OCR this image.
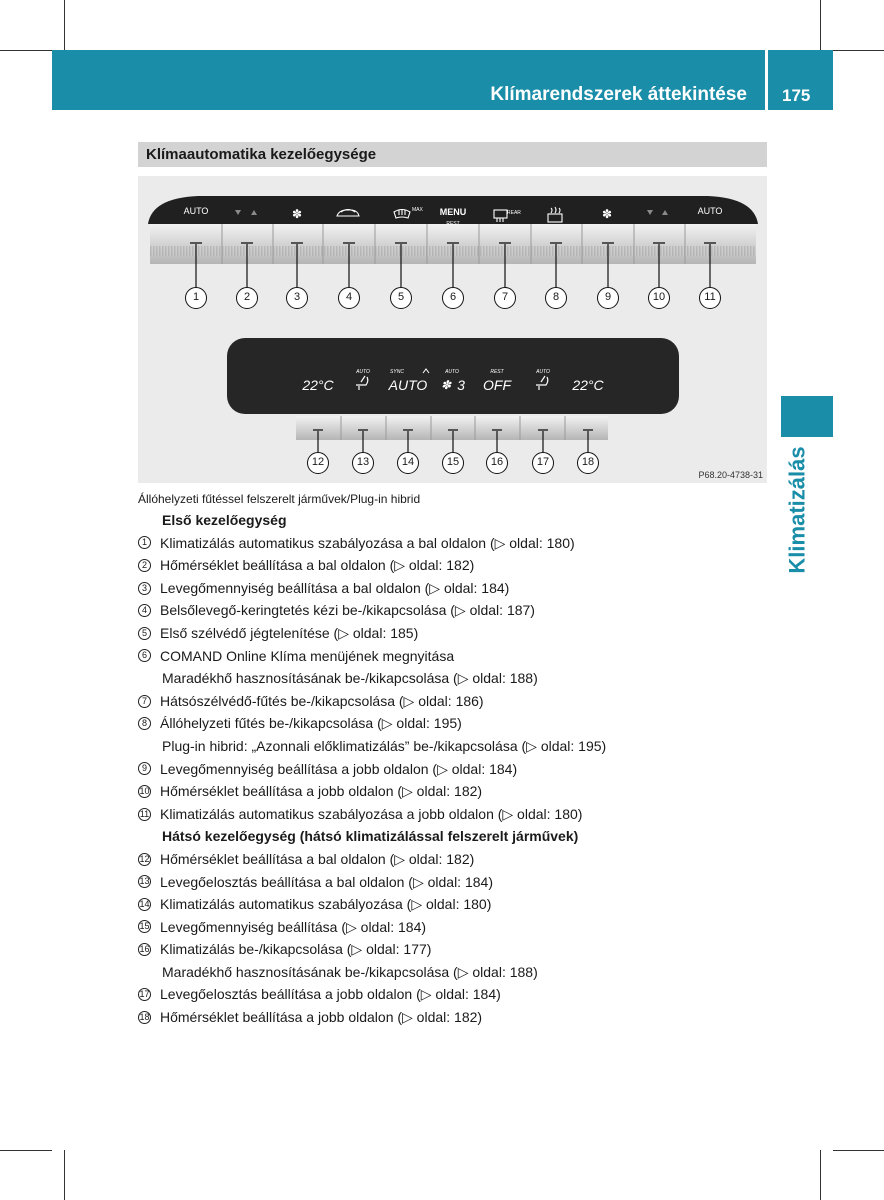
Klímarendszerek áttekintése 175
Klimatizálás
Klímaautomatika kezelőegysége
AUTO	✽	MAX MENU
REST
REAR	✽	AUTO
AUTO	SYNC	AUTO	REST	AUTO
22°C	AUTO ✽ 3 OFF	22°C
1	2	3	4	5	6	7	8	9	10	11
12	13	14	15	16	17	18
P68.20-4738-31
Állóhelyzeti fűtéssel felszerelt járművek/Plug-in hibrid
Első kezelőegység
1 Klimatizálás automatikus szabályozása a bal oldalon (▷ oldal: 180)
2 Hőmérséklet beállítása a bal oldalon (▷ oldal: 182)
3 Levegőmennyiség beállítása a bal oldalon (▷ oldal: 184)
4 Belsőlevegő-keringtetés kézi be-/kikapcsolása (▷ oldal: 187)
5 Első szélvédő jégtelenítése (▷ oldal: 185)
6 COMAND Online Klíma menüjének megnyitása
Maradékhő hasznosításának be-/kikapcsolása (▷ oldal: 188)
7 Hátsószélvédő-fűtés be-/kikapcsolása (▷ oldal: 186)
8 Állóhelyzeti fűtés be-/kikapcsolása (▷ oldal: 195)
Plug-in hibrid: „Azonnali előklimatizálás” be-/kikapcsolása (▷ oldal: 195)
9 Levegőmennyiség beállítása a jobb oldalon (▷ oldal: 184)
10 Hőmérséklet beállítása a jobb oldalon (▷ oldal: 182)
11 Klimatizálás automatikus szabályozása a jobb oldalon (▷ oldal: 180)
Hátsó kezelőegység (hátsó klimatizálással felszerelt járművek)
12 Hőmérséklet beállítása a bal oldalon (▷ oldal: 182)
13 Levegőelosztás beállítása a bal oldalon (▷ oldal: 184)
14 Klimatizálás automatikus szabályozása (▷ oldal: 180)
15 Levegőmennyiség beállítása (▷ oldal: 184)
16 Klimatizálás be-/kikapcsolása (▷ oldal: 177)
Maradékhő hasznosításának be-/kikapcsolása (▷ oldal: 188)
17 Levegőelosztás beállítása a jobb oldalon (▷ oldal: 184)
18 Hőmérséklet beállítása a jobb oldalon (▷ oldal: 182)
